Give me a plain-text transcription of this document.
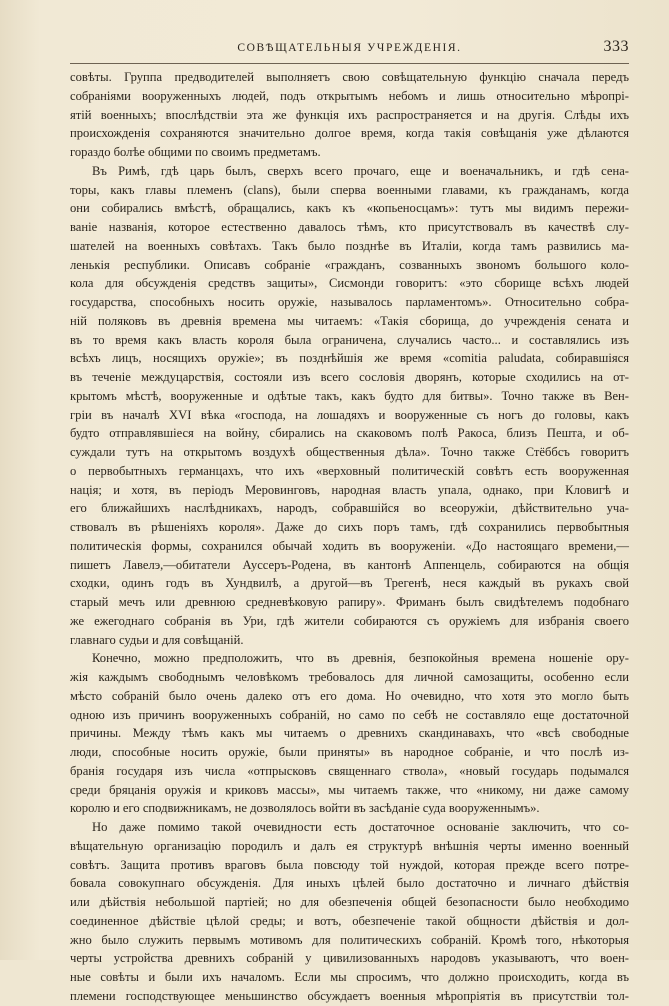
СОВѢЩАТЕЛЬНЫЯ УЧРЕЖДЕНІЯ.	333
совѣты. Группа предводителей выполняетъ свою совѣщательную функцію сначала передъ
собраніями вооруженныхъ людей, подъ открытымъ небомъ и лишь относительно мѣропрі-
ятій военныхъ; впослѣдствіи эта же функція ихъ распространяется и на другія. Слѣды ихъ
происхожденія сохраняются значительно долгое время, когда такія совѣщанія уже дѣлаются
гораздо болѣе общими по своимъ предметамъ.
Въ Римѣ, гдѣ царь былъ, сверхъ всего прочаго, еще и военачальникъ, и гдѣ сена-
торы, какъ главы племенъ (clans), были сперва военными главами, къ гражданамъ, когда
они собирались вмѣстѣ, обращались, какъ къ «копьеносцамъ»: тутъ мы видимъ пережи-
ваніе названія, которое естественно давалось тѣмъ, кто присутствовалъ въ качествѣ слу-
шателей на военныхъ совѣтахъ. Такъ было позднѣе въ Италіи, когда тамъ развились ма-
ленькія республики. Описавъ собраніе «гражданъ, созванныхъ звономъ большого коло-
кола для обсужденія средствъ защиты», Сисмонди говоритъ: «это сборище всѣхъ людей
государства, способныхъ носить оружіе, называлось парламентомъ». Относительно собра-
ній поляковъ въ древнія времена мы читаемъ: «Такія сборища, до учрежденія сената и
въ то время какъ власть короля была ограничена, случались часто... и составлялись изъ
всѣхъ лицъ, носящихъ оружіе»; въ позднѣйшія же время «comitia paludata, собиравшіяся
въ теченіе междуцарствія, состояли изъ всего сословія дворянъ, которые сходились на от-
крытомъ мѣстѣ, вооруженные и одѣтые такъ, какъ будто для битвы». Точно также въ Вен-
гріи въ началѣ XVI вѣка «господа, на лошадяхъ и вооруженные съ ногъ до головы, какъ
будто отправлявшіеся на войну, сбирались на скаковомъ полѣ Ракоса, близъ Пешта, и об-
суждали тутъ на открытомъ воздухѣ общественныя дѣла». Точно также Стёббсъ говоритъ
о первобытныхъ германцахъ, что ихъ «верховный политическій совѣтъ есть вооруженная
нація; и хотя, въ періодъ Меровинговъ, народная власть упала, однако, при Кловигѣ и
его ближайшихъ наслѣдникахъ, народъ, собравшійся во всеоружіи, дѣйствительно уча-
ствовалъ въ рѣшеніяхъ короля». Даже до сихъ поръ тамъ, гдѣ сохранились первобытныя
политическія формы, сохранился обычай ходить въ вооруженіи. «До настоящаго времени,—
пишетъ Лавелэ,—обитатели Ауссеръ-Родена, въ кантонѣ Аппенцель, собираются на общія
сходки, одинъ годъ въ Хундвилѣ, а другой—въ Трегенѣ, неся каждый въ рукахъ свой
старый мечъ или древнюю средневѣковую рапиру». Фриманъ былъ свидѣтелемъ подобнаго
же ежегоднаго собранія въ Ури, гдѣ жители собираются съ оружіемъ для избранія своего
главнаго судьи и для совѣщаній.
Конечно, можно предположить, что въ древнія, безпокойныя времена ношеніе ору-
жія каждымъ свободнымъ человѣкомъ требовалось для личной самозащиты, особенно если
мѣсто собраній было очень далеко отъ его дома. Но очевидно, что хотя это могло быть
одною изъ причинъ вооруженныхъ собраній, но само по себѣ не составляло еще достаточной
причины. Между тѣмъ какъ мы читаемъ о древнихъ скандинавахъ, что «всѣ свободные
люди, способные носить оружіе, были приняты» въ народное собраніе, и что послѣ из-
бранія государя изъ числа «отпрысковъ священнаго ствола», «новый государь подымался
среди бряцанія оружія и криковъ массы», мы читаемъ также, что «никому, ни даже самому
королю и его сподвижникамъ, не дозволялось войти въ засѣданіе суда вооруженнымъ».
Но даже помимо такой очевидности есть достаточное основаніе заключить, что со-
вѣщательную организацію породилъ и далъ ея структурѣ внѣшнія черты именно военный
совѣтъ. Защита противъ враговъ была повсюду той нуждой, которая прежде всего потре-
бовала совокупнаго обсужденія. Для иныхъ цѣлей было достаточно и личнаго дѣйствія
или дѣйствія небольшой партіей; но для обезпеченія общей безопасности было необходимо
соединенное дѣйствіе цѣлой среды; и вотъ, обезпеченіе такой общности дѣйствія и дол-
жно было служить первымъ мотивомъ для политическихъ собраній. Кромѣ того, нѣкоторыя
черты устройства древнихъ собраній у цивилизованныхъ народовъ указываютъ, что воен-
ные совѣты и были ихъ началомъ. Если мы спросимъ, что должно происходить, когда въ
племени господствующее меньшинство обсуждаетъ военныя мѣропріятія въ присутствіи тол-
